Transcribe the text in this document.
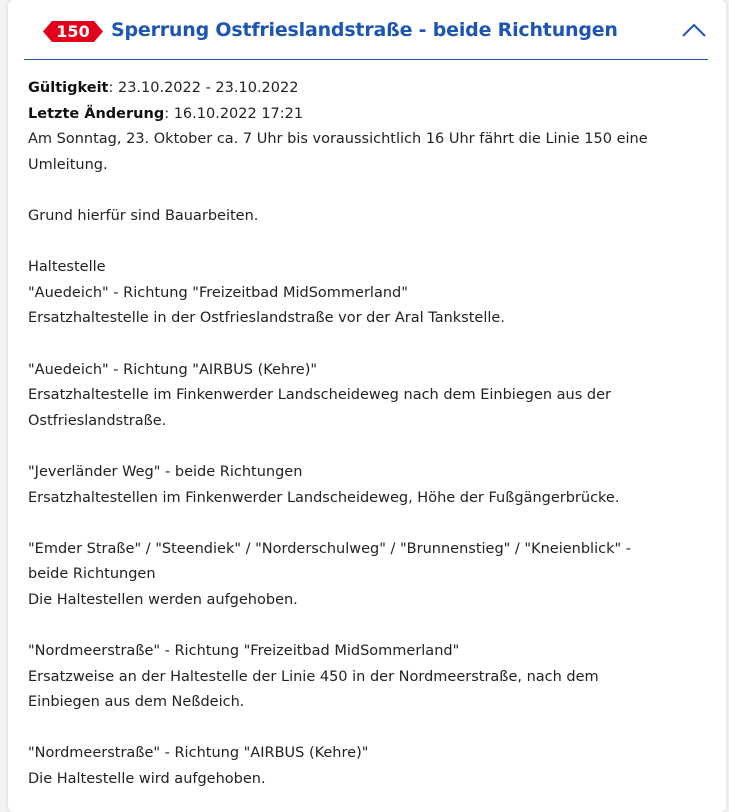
150	Sperrung Ostfrieslandstraße - beide Richtungen

Gültigkeit: 23.10.2022 - 23.10.2022

Letzte Änderung: 16.10.2022 17:21

Am Sonntag, 23. Oktober ca. 7 Uhr bis voraussichtlich 16 Uhr fährt die Linie 150 eine Umleitung.

Grund hierfür sind Bauarbeiten.

Haltestelle

"Auedeich" - Richtung "Freizeitbad MidSommerland"

Ersatzhaltestelle in der Ostfrieslandstraße vor der Aral Tankstelle.

"Auedeich" - Richtung "AIRBUS (Kehre)"

Ersatzhaltestelle im Finkenwerder Landscheideweg nach dem Einbiegen aus der Ostfrieslandstraße.

"Jeverländer Weg" - beide Richtungen

Ersatzhaltestellen im Finkenwerder Landscheideweg, Höhe der Fußgängerbrücke.

"Emder Straße" / "Steendiek" / "Norderschulweg" / "Brunnenstieg" / "Kneienblick" - beide Richtungen

Die Haltestellen werden aufgehoben.

"Nordmeerstraße" - Richtung "Freizeitbad MidSommerland"

Ersatzweise an der Haltestelle der Linie 450 in der Nordmeerstraße, nach dem Einbiegen aus dem Neßdeich.

"Nordmeerstraße" - Richtung "AIRBUS (Kehre)"

Die Haltestelle wird aufgehoben.
